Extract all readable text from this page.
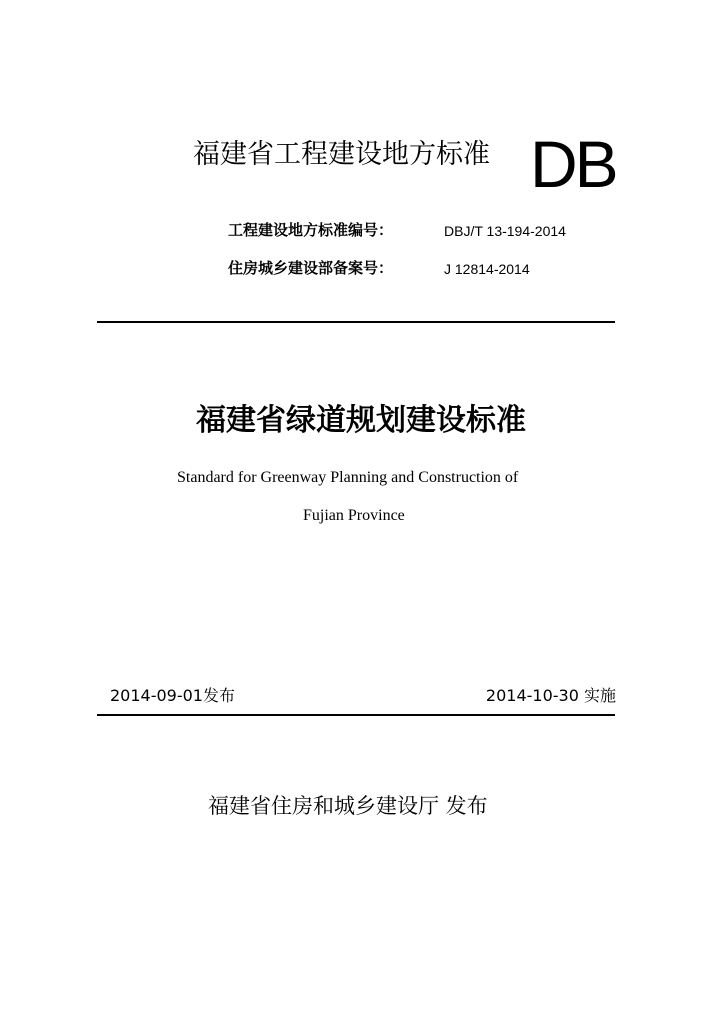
福建省工程建设地方标准 DB
工程建设地方标准编号：	DBJ/T 13-194-2014
住房城乡建设部备案号：	J 12814-2014
福建省绿道规划建设标准
Standard for Greenway Planning and Construction of
Fujian Province
2014-09-01发布	2014-10-30 实施
福建省住房和城乡建设厅 发布
